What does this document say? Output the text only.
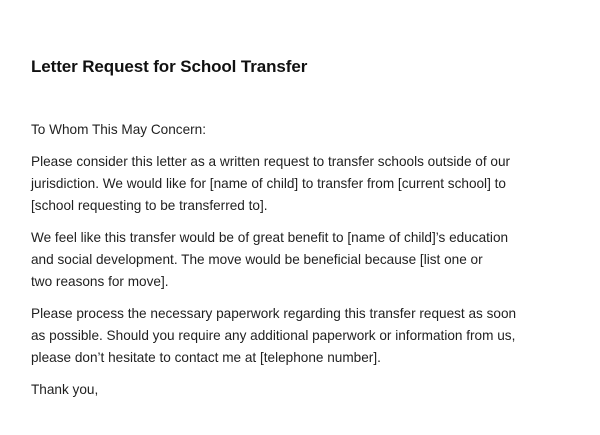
Letter Request for School Transfer

To Whom This May Concern:

Please consider this letter as a written request to transfer schools outside of our
jurisdiction. We would like for [name of child] to transfer from [current school] to
[school requesting to be transferred to].

We feel like this transfer would be of great benefit to [name of child]’s education
and social development. The move would be beneficial because [list one or
two reasons for move].

Please process the necessary paperwork regarding this transfer request as soon
as possible. Should you require any additional paperwork or information from us,
please don’t hesitate to contact me at [telephone number].

Thank you,
